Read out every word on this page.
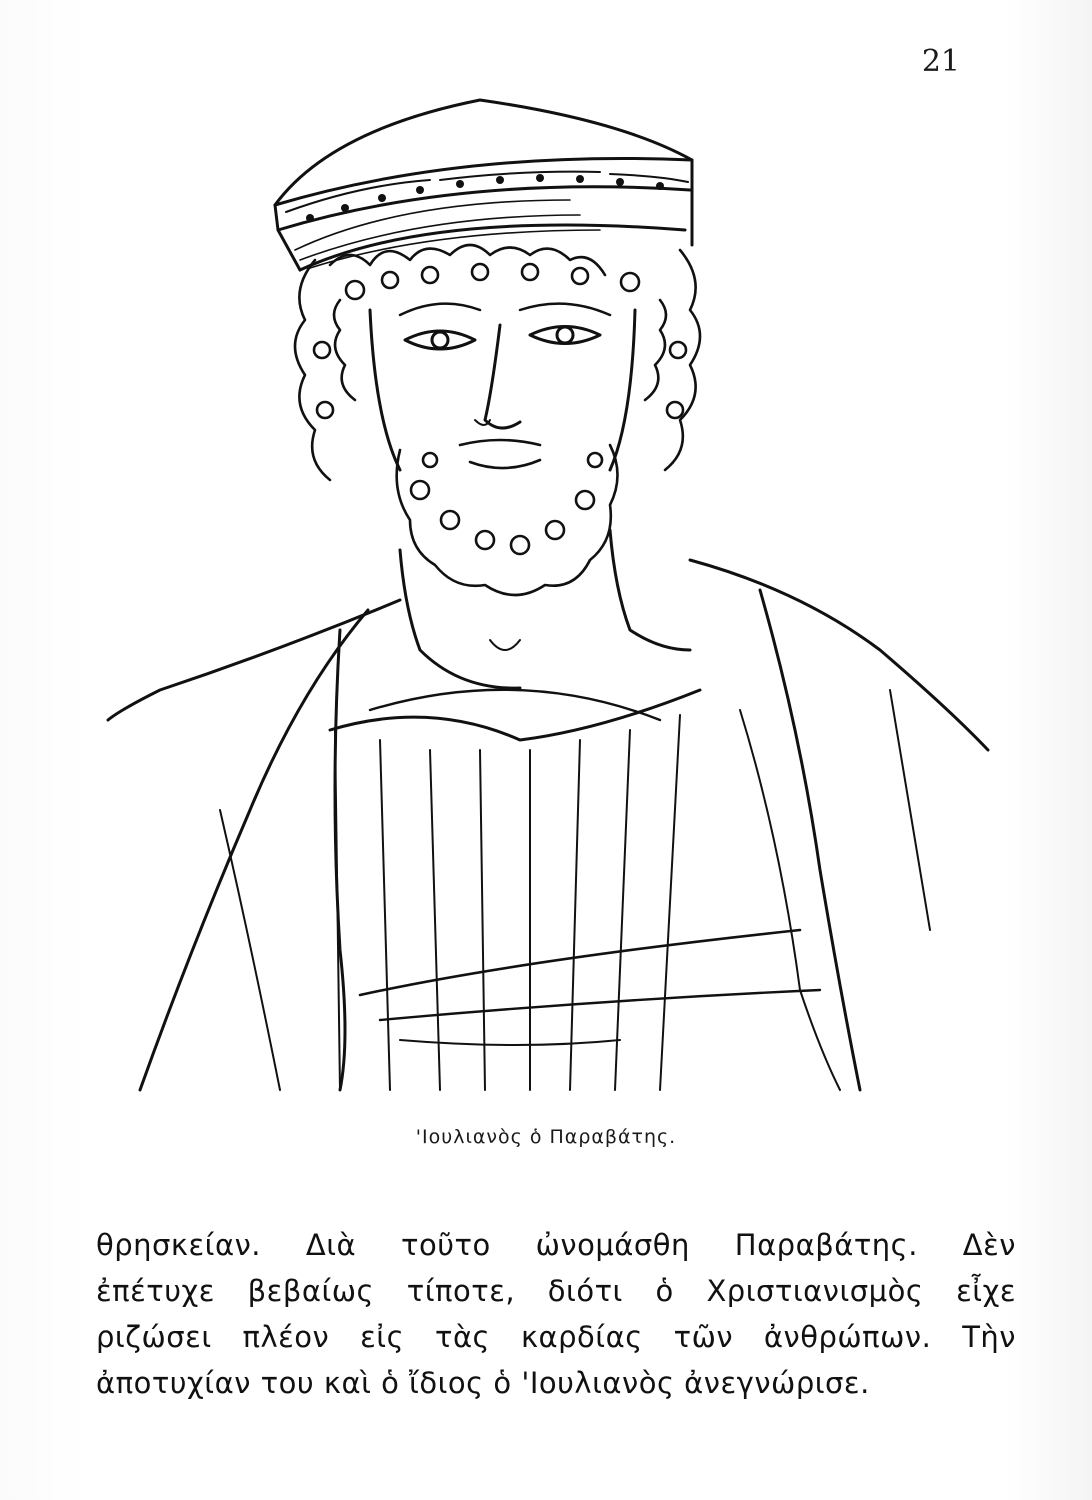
21
'Ιουλιανὸς ὁ Παραβάτης.
θρησκείαν. Διὰ τοῦτο ὠνομάσθη Παραβάτης. Δὲν
ἐπέτυχε βεβαίως τίποτε, διότι ὁ Χριστιανισμὸς εἶχε
ριζώσει πλέον εἰς τὰς καρδίας τῶν ἀνθρώπων. Τὴν
ἀποτυχίαν του καὶ ὁ ἴδιος ὁ 'Ιουλιανὸς ἀνεγνώρισε.
